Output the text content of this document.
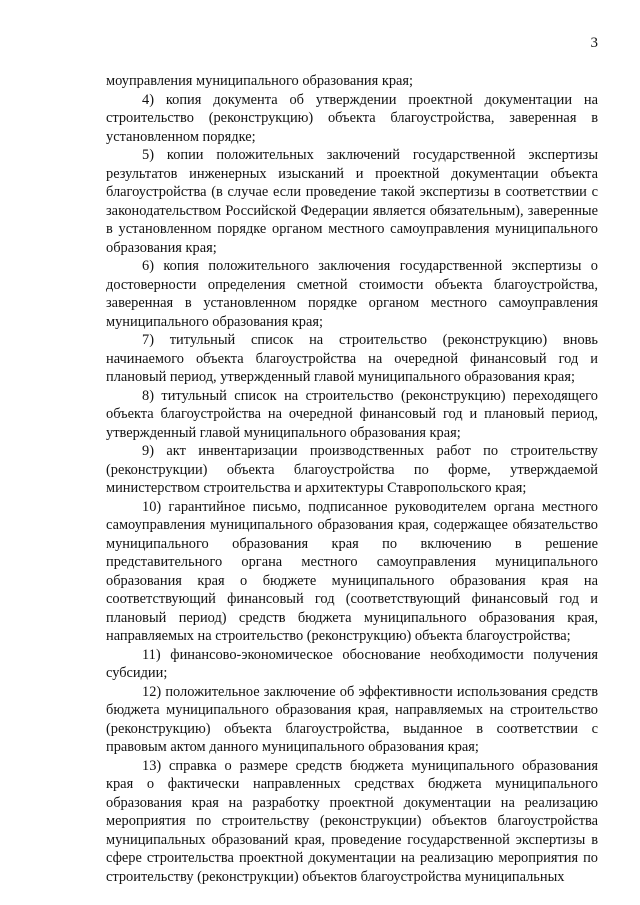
3

моуправления муниципального образования края;

4) копия документа об утверждении проектной документации на строительство (реконструкцию) объекта благоустройства, заверенная в установленном порядке;

5) копии положительных заключений государственной экспертизы результатов инженерных изысканий и проектной документации объекта благоустройства (в случае если проведение такой экспертизы в соответствии с законодательством Российской Федерации является обязательным), заверенные в установленном порядке органом местного самоуправления муниципального образования края;

6) копия положительного заключения государственной экспертизы о достоверности определения сметной стоимости объекта благоустройства, заверенная в установленном порядке органом местного самоуправления муниципального образования края;

7) титульный список на строительство (реконструкцию) вновь начинаемого объекта благоустройства на очередной финансовый год и плановый период, утвержденный главой муниципального образования края;

8) титульный список на строительство (реконструкцию) переходящего объекта благоустройства на очередной финансовый год и плановый период, утвержденный главой муниципального образования края;

9) акт инвентаризации производственных работ по строительству (реконструкции) объекта благоустройства по форме, утверждаемой министерством строительства и архитектуры Ставропольского края;

10) гарантийное письмо, подписанное руководителем органа местного самоуправления муниципального образования края, содержащее обязательство муниципального образования края по включению в решение представительного органа местного самоуправления муниципального образования края о бюджете муниципального образования края на соответствующий финансовый год (соответствующий финансовый год и плановый период) средств бюджета муниципального образования края, направляемых на строительство (реконструкцию) объекта благоустройства;

11) финансово-экономическое обоснование необходимости получения субсидии;

12) положительное заключение об эффективности использования средств бюджета муниципального образования края, направляемых на строительство (реконструкцию) объекта благоустройства, выданное в соответствии с правовым актом данного муниципального образования края;

13) справка о размере средств бюджета муниципального образования края о фактически направленных средствах бюджета муниципального образования края на разработку проектной документации на реализацию мероприятия по строительству (реконструкции) объектов благоустройства муниципальных образований края, проведение государственной экспертизы в сфере строительства проектной документации на реализацию мероприятия по строительству (реконструкции) объектов благоустройства муниципальных
